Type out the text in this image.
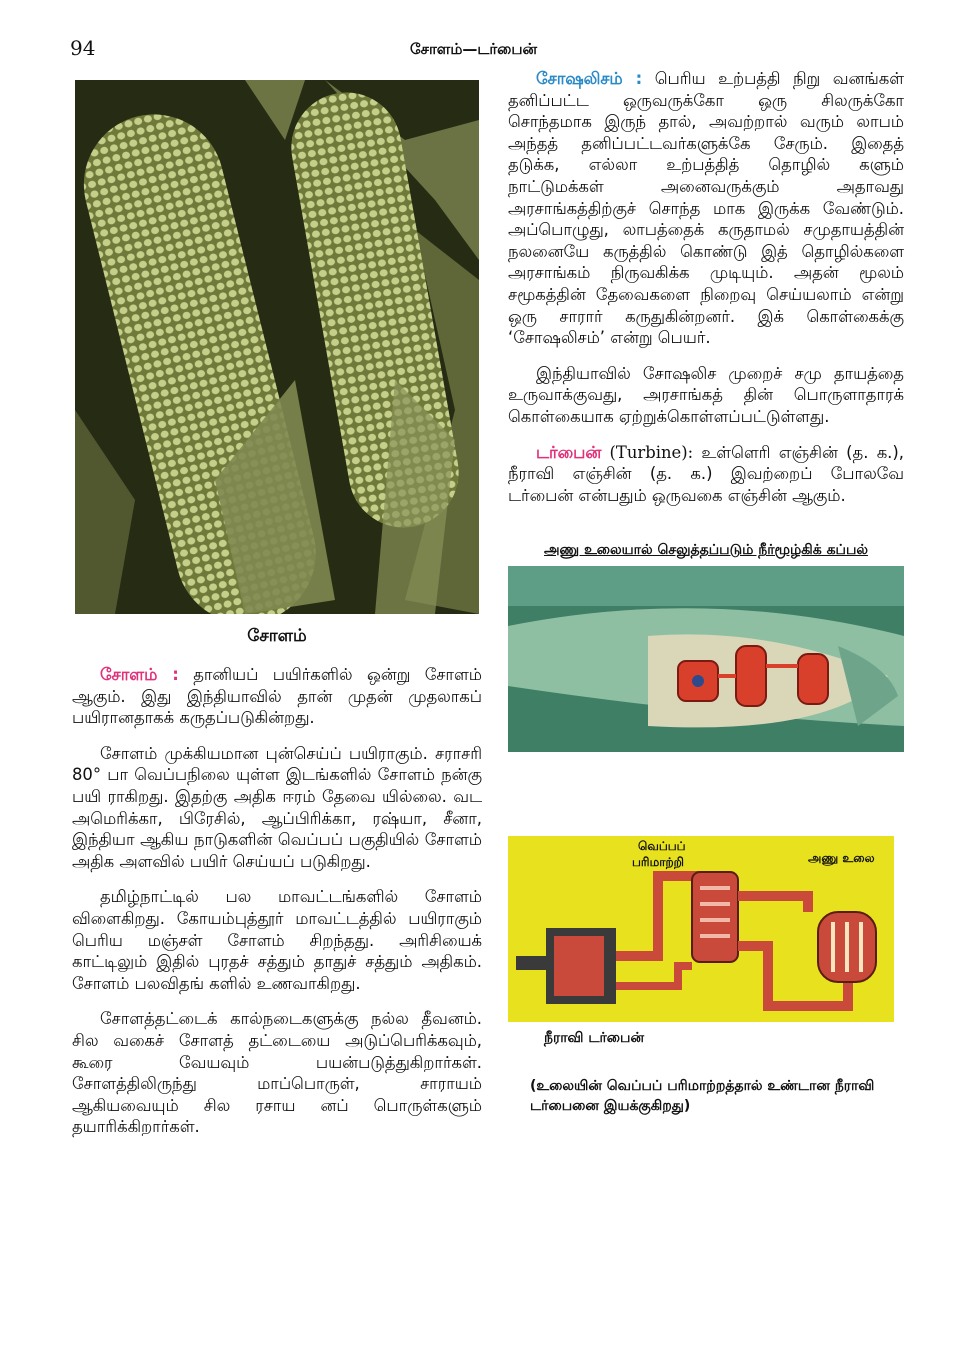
94	சோளம்—டர்பைன்
சோளம்

சோளம் : தானியப் பயிர்களில் ஒன்று சோளம் ஆகும். இது இந்தியாவில் தான் முதன் முதலாகப் பயிரானதாகக் கருதப்படுகின்றது.

சோளம் முக்கியமான புன்செய்ப் பயிராகும். சராசரி 80° பா வெப்பநிலை யுள்ள இடங்களில் சோளம் நன்கு பயி ராகிறது. இதற்கு அதிக ஈரம் தேவை யில்லை. வட அமெரிக்கா, பிரேசில், ஆப்பிரிக்கா, ரஷ்யா, சீனா, இந்தியா ஆகிய நாடுகளின் வெப்பப் பகுதியில் சோளம் அதிக அளவில் பயிர் செய்யப் படுகிறது.

தமிழ்நாட்டில் பல மாவட்டங்களில் சோளம் விளைகிறது. கோயம்புத்தூர் மாவட்டத்தில் பயிராகும் பெரிய மஞ்சள் சோளம் சிறந்தது. அரிசியைக் காட்டிலும் இதில் புரதச் சத்தும் தாதுச் சத்தும் அதிகம். சோளம் பலவிதங் களில் உணவாகிறது.

சோளத்தட்டைக் கால்நடைகளுக்கு நல்ல தீவனம். சில வகைச் சோளத் தட்டையை அடுப்பெரிக்கவும், கூரை வேயவும் பயன்படுத்துகிறார்கள். சோளத்திலிருந்து மாப்பொருள், சாராயம் ஆகியவையும் சில ரசாய னப் பொருள்களும் தயாரிக்கிறார்கள்.

சோஷலிசம் : பெரிய உற்பத்தி நிறு வனங்கள் தனிப்பட்ட ஒருவருக்கோ ஒரு சிலருக்கோ சொந்தமாக இருந் தால், அவற்றால் வரும் லாபம் அந்தத் தனிப்பட்டவர்களுக்கே சேரும். இதைத் தடுக்க, எல்லா உற்பத்தித் தொழில் களும் நாட்டுமக்கள் அனைவருக்கும் அதாவது அரசாங்கத்திற்குச் சொந்த மாக இருக்க வேண்டும். அப்பொழுது, லாபத்தைக் கருதாமல் சமுதாயத்தின் நலனையே கருத்தில் கொண்டு இத் தொழில்களை அரசாங்கம் நிருவகிக்க முடியும். அதன் மூலம் சமூகத்தின் தேவைகளை நிறைவு செய்யலாம் என்று ஒரு சாரார் கருதுகின்றனர். இக் கொள்கைக்கு ‘சோஷலிசம்’ என்று பெயர்.

இந்தியாவில் சோஷலிச முறைச் சமு தாயத்தை உருவாக்குவது, அரசாங்கத் தின் பொருளாதாரக் கொள்கையாக ஏற்றுக்கொள்ளப்பட்டுள்ளது.

டர்பைன் (Turbine): உள்ளெரி எஞ்சின் (த. க.), நீராவி எஞ்சின் (த. க.) இவற்றைப் போலவே டர்பைன் என்பதும் ஒருவகை எஞ்சின் ஆகும்.

அணு உலையால் செலுத்தப்படும் நீர்மூழ்கிக் கப்பல்
வெப்பப்
பரிமாற்றி	அணு உலை
நீராவி டர்பைன்
(உலையின் வெப்பப் பரிமாற்றத்தால் உண்டான நீராவி டர்பைனை இயக்குகிறது)
